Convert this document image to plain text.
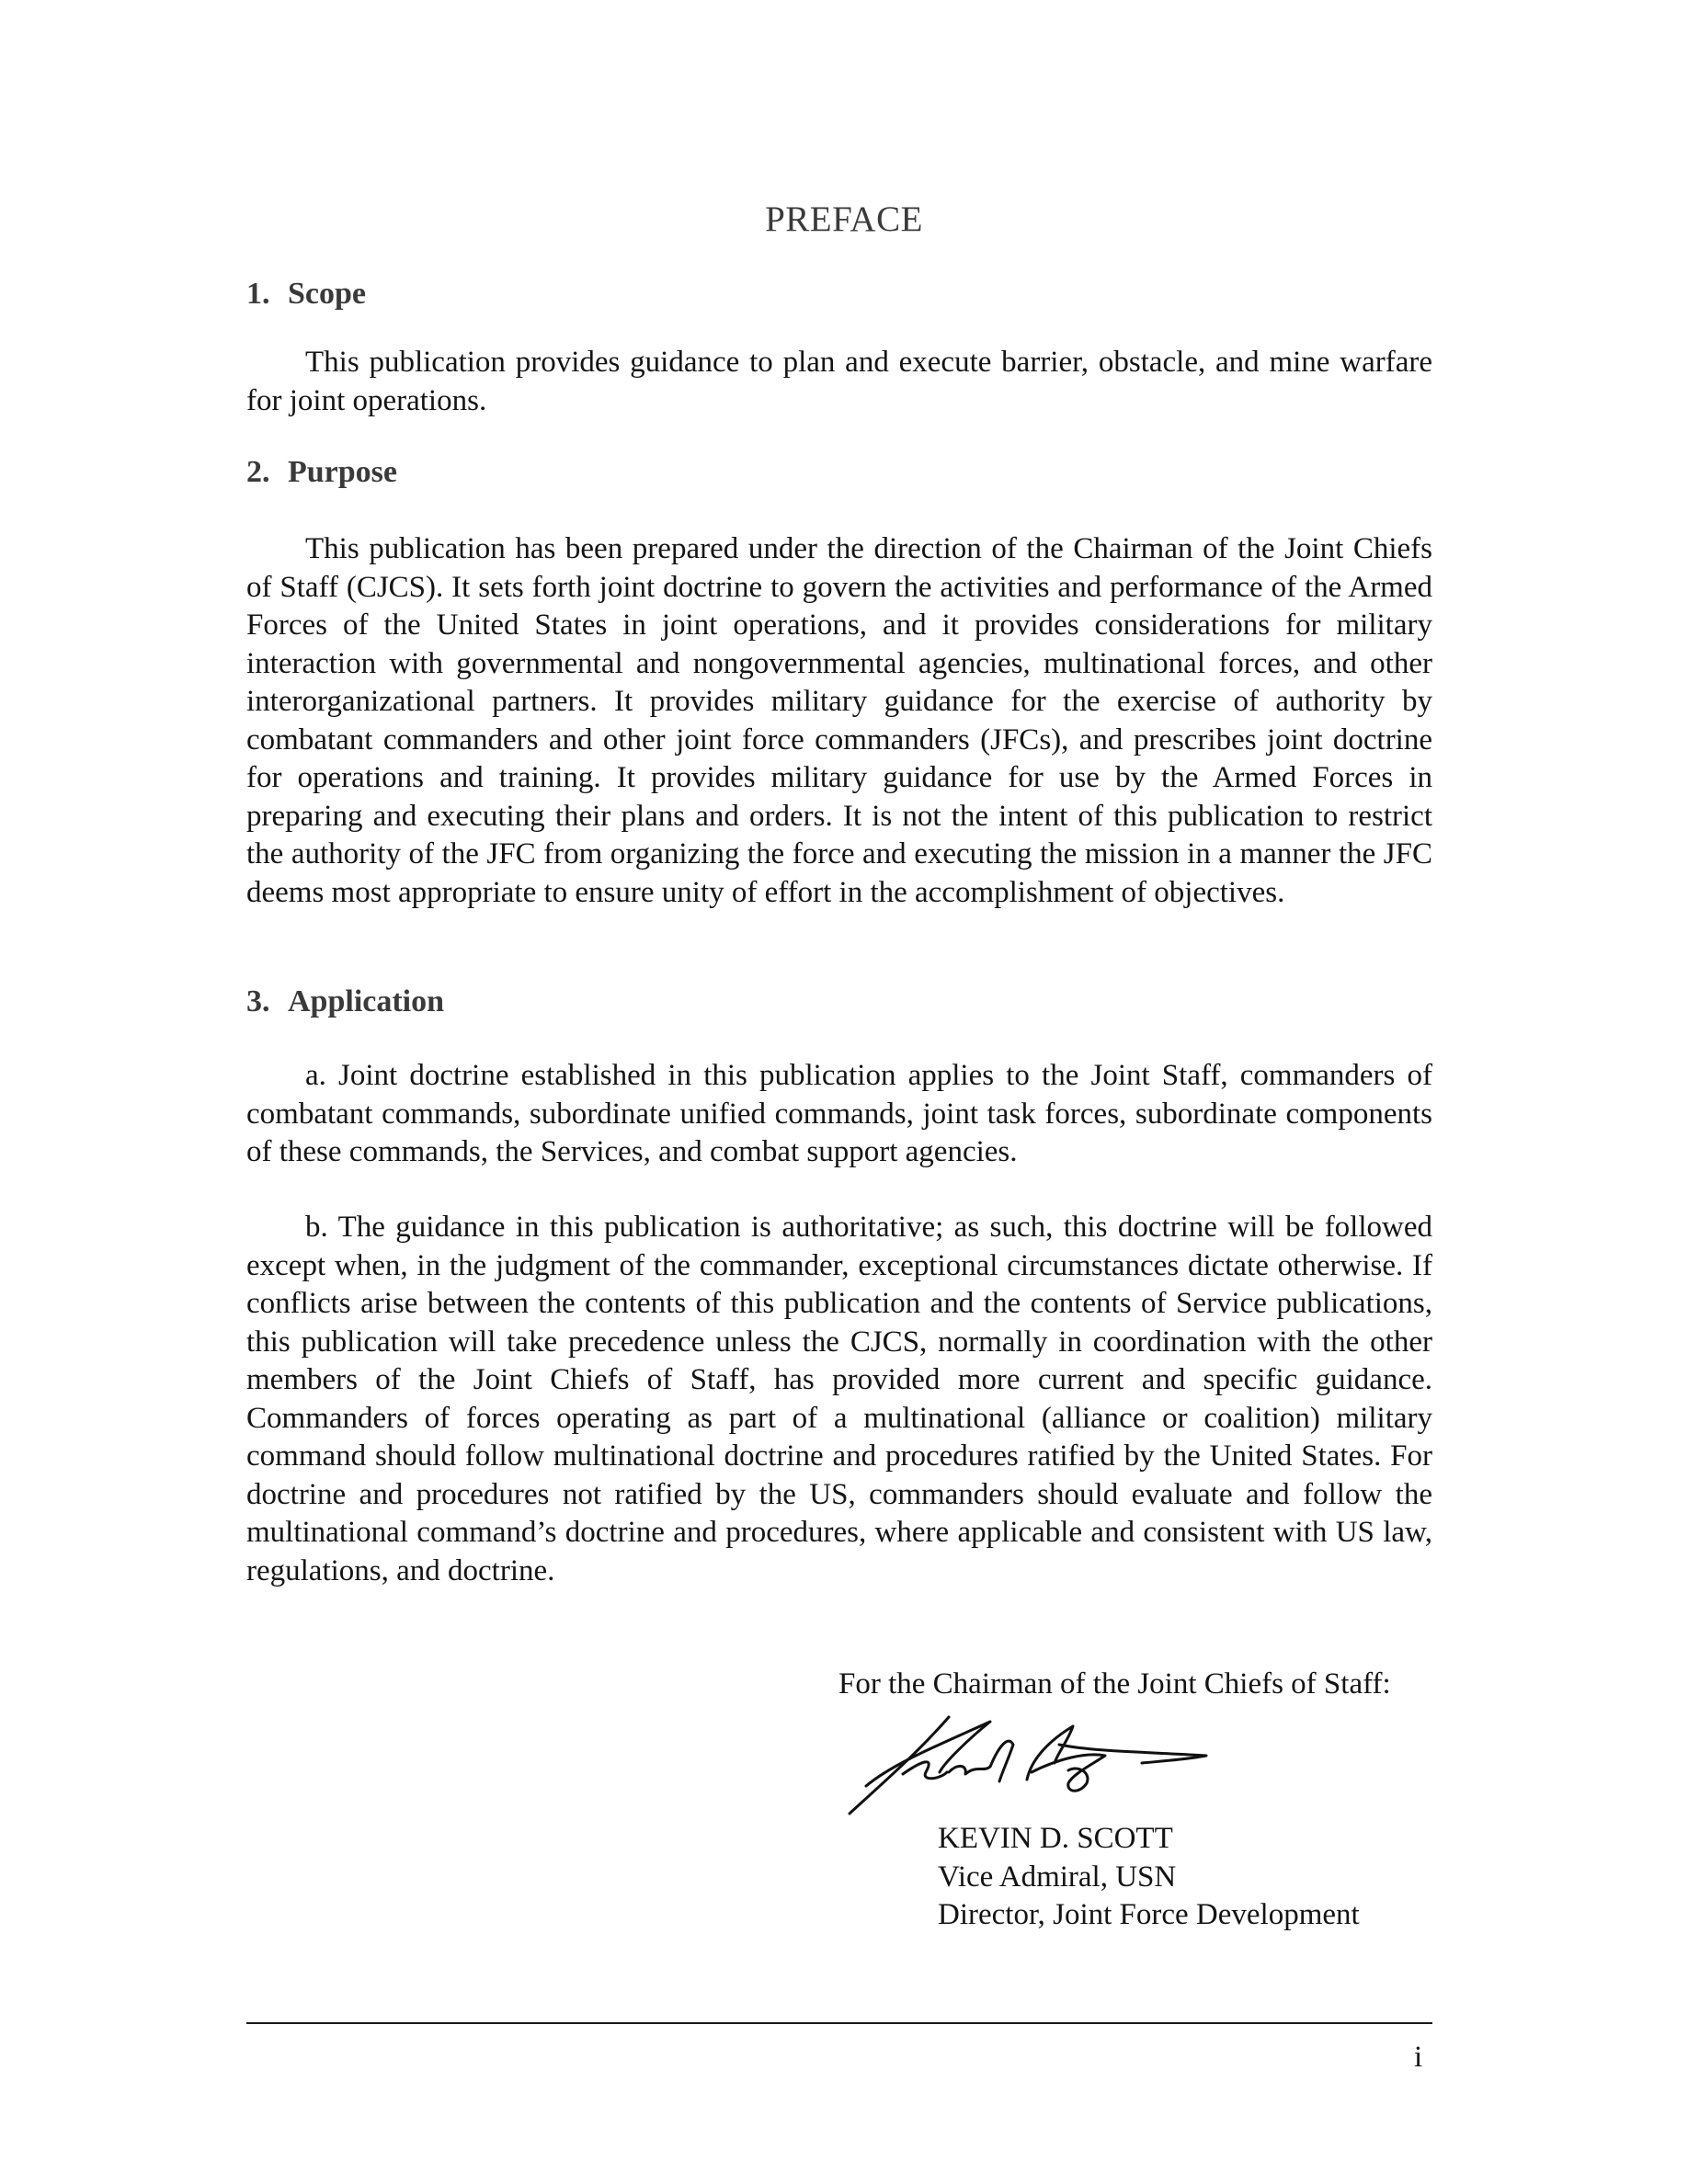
PREFACE

1. Scope

This publication provides guidance to plan and execute barrier, obstacle, and mine warfare for joint operations.

2. Purpose

This publication has been prepared under the direction of the Chairman of the Joint Chiefs of Staff (CJCS). It sets forth joint doctrine to govern the activities and performance of the Armed Forces of the United States in joint operations, and it provides considerations for military interaction with governmental and nongovernmental agencies, multinational forces, and other interorganizational partners. It provides military guidance for the exercise of authority by combatant commanders and other joint force commanders (JFCs), and prescribes joint doctrine for operations and training. It provides military guidance for use by the Armed Forces in preparing and executing their plans and orders. It is not the intent of this publication to restrict the authority of the JFC from organizing the force and executing the mission in a manner the JFC deems most appropriate to ensure unity of effort in the accomplishment of objectives.

3. Application

a. Joint doctrine established in this publication applies to the Joint Staff, commanders of combatant commands, subordinate unified commands, joint task forces, subordinate components of these commands, the Services, and combat support agencies.

b. The guidance in this publication is authoritative; as such, this doctrine will be followed except when, in the judgment of the commander, exceptional circumstances dictate otherwise. If conflicts arise between the contents of this publication and the contents of Service publications, this publication will take precedence unless the CJCS, normally in coordination with the other members of the Joint Chiefs of Staff, has provided more current and specific guidance. Commanders of forces operating as part of a multinational (alliance or coalition) military command should follow multinational doctrine and procedures ratified by the United States. For doctrine and procedures not ratified by the US, commanders should evaluate and follow the multinational command’s doctrine and procedures, where applicable and consistent with US law, regulations, and doctrine.

For the Chairman of the Joint Chiefs of Staff:
KEVIN D. SCOTT
Vice Admiral, USN
Director, Joint Force Development
i
